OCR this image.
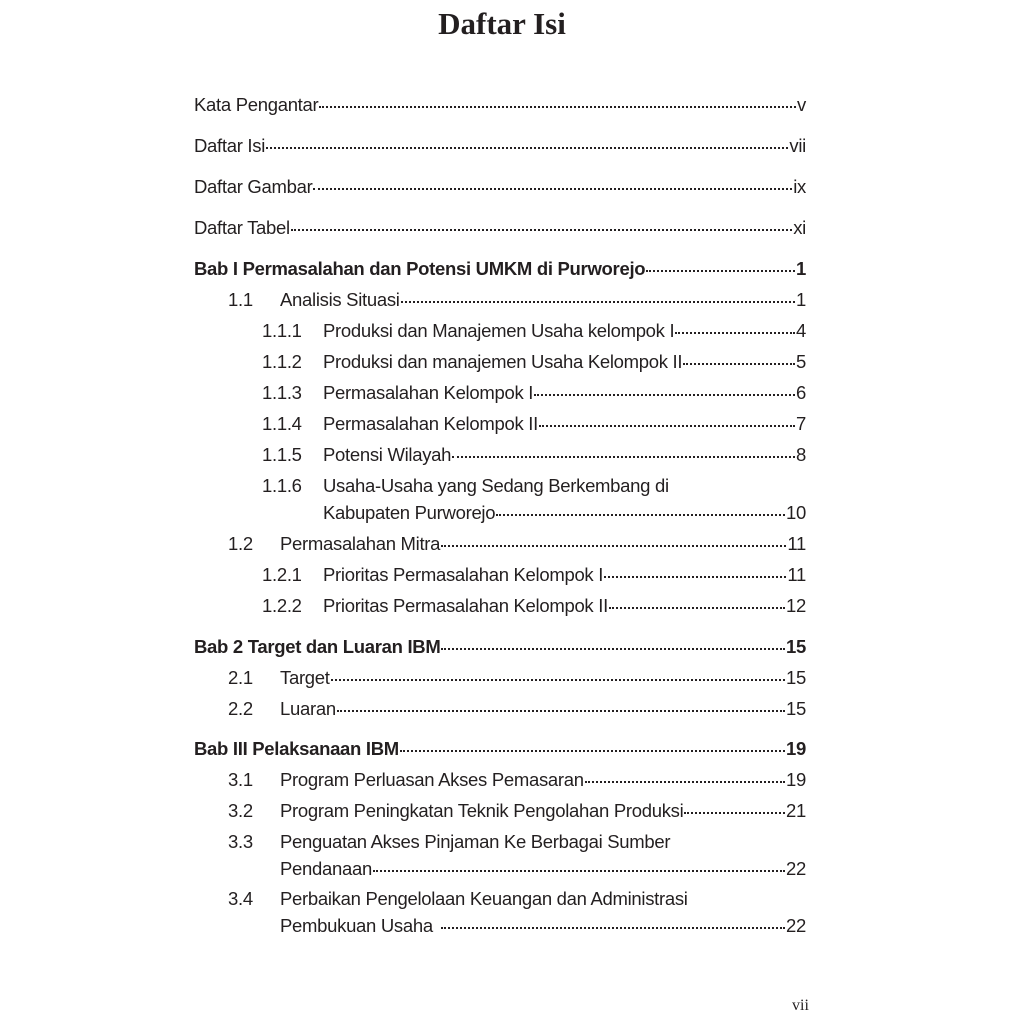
Daftar Isi
Kata Pengantar	v
Daftar Isi	vii
Daftar Gambar	ix
Daftar Tabel	xi
Bab I Permasalahan dan Potensi UMKM di Purworejo	1
1.1	Analisis Situasi	1
1.1.1	Produksi dan Manajemen Usaha kelompok I	4
1.1.2	Produksi dan manajemen Usaha Kelompok II	5
1.1.3	Permasalahan Kelompok I	6
1.1.4	Permasalahan Kelompok II	7
1.1.5	Potensi Wilayah	8
1.1.6	Usaha-Usaha yang Sedang Berkembang di
Kabupaten Purworejo	10
1.2	Permasalahan Mitra	11
1.2.1	Prioritas Permasalahan Kelompok I	11
1.2.2	Prioritas Permasalahan Kelompok II	12
Bab 2 Target dan Luaran IBM	15
2.1	Target	15
2.2	Luaran	15
Bab III Pelaksanaan IBM	19
3.1	Program Perluasan Akses Pemasaran	19
3.2	Program Peningkatan Teknik Pengolahan Produksi	21
3.3	Penguatan Akses Pinjaman Ke Berbagai Sumber
Pendanaan	22
3.4	Perbaikan Pengelolaan Keuangan dan Administrasi
Pembukuan Usaha	22
vii
